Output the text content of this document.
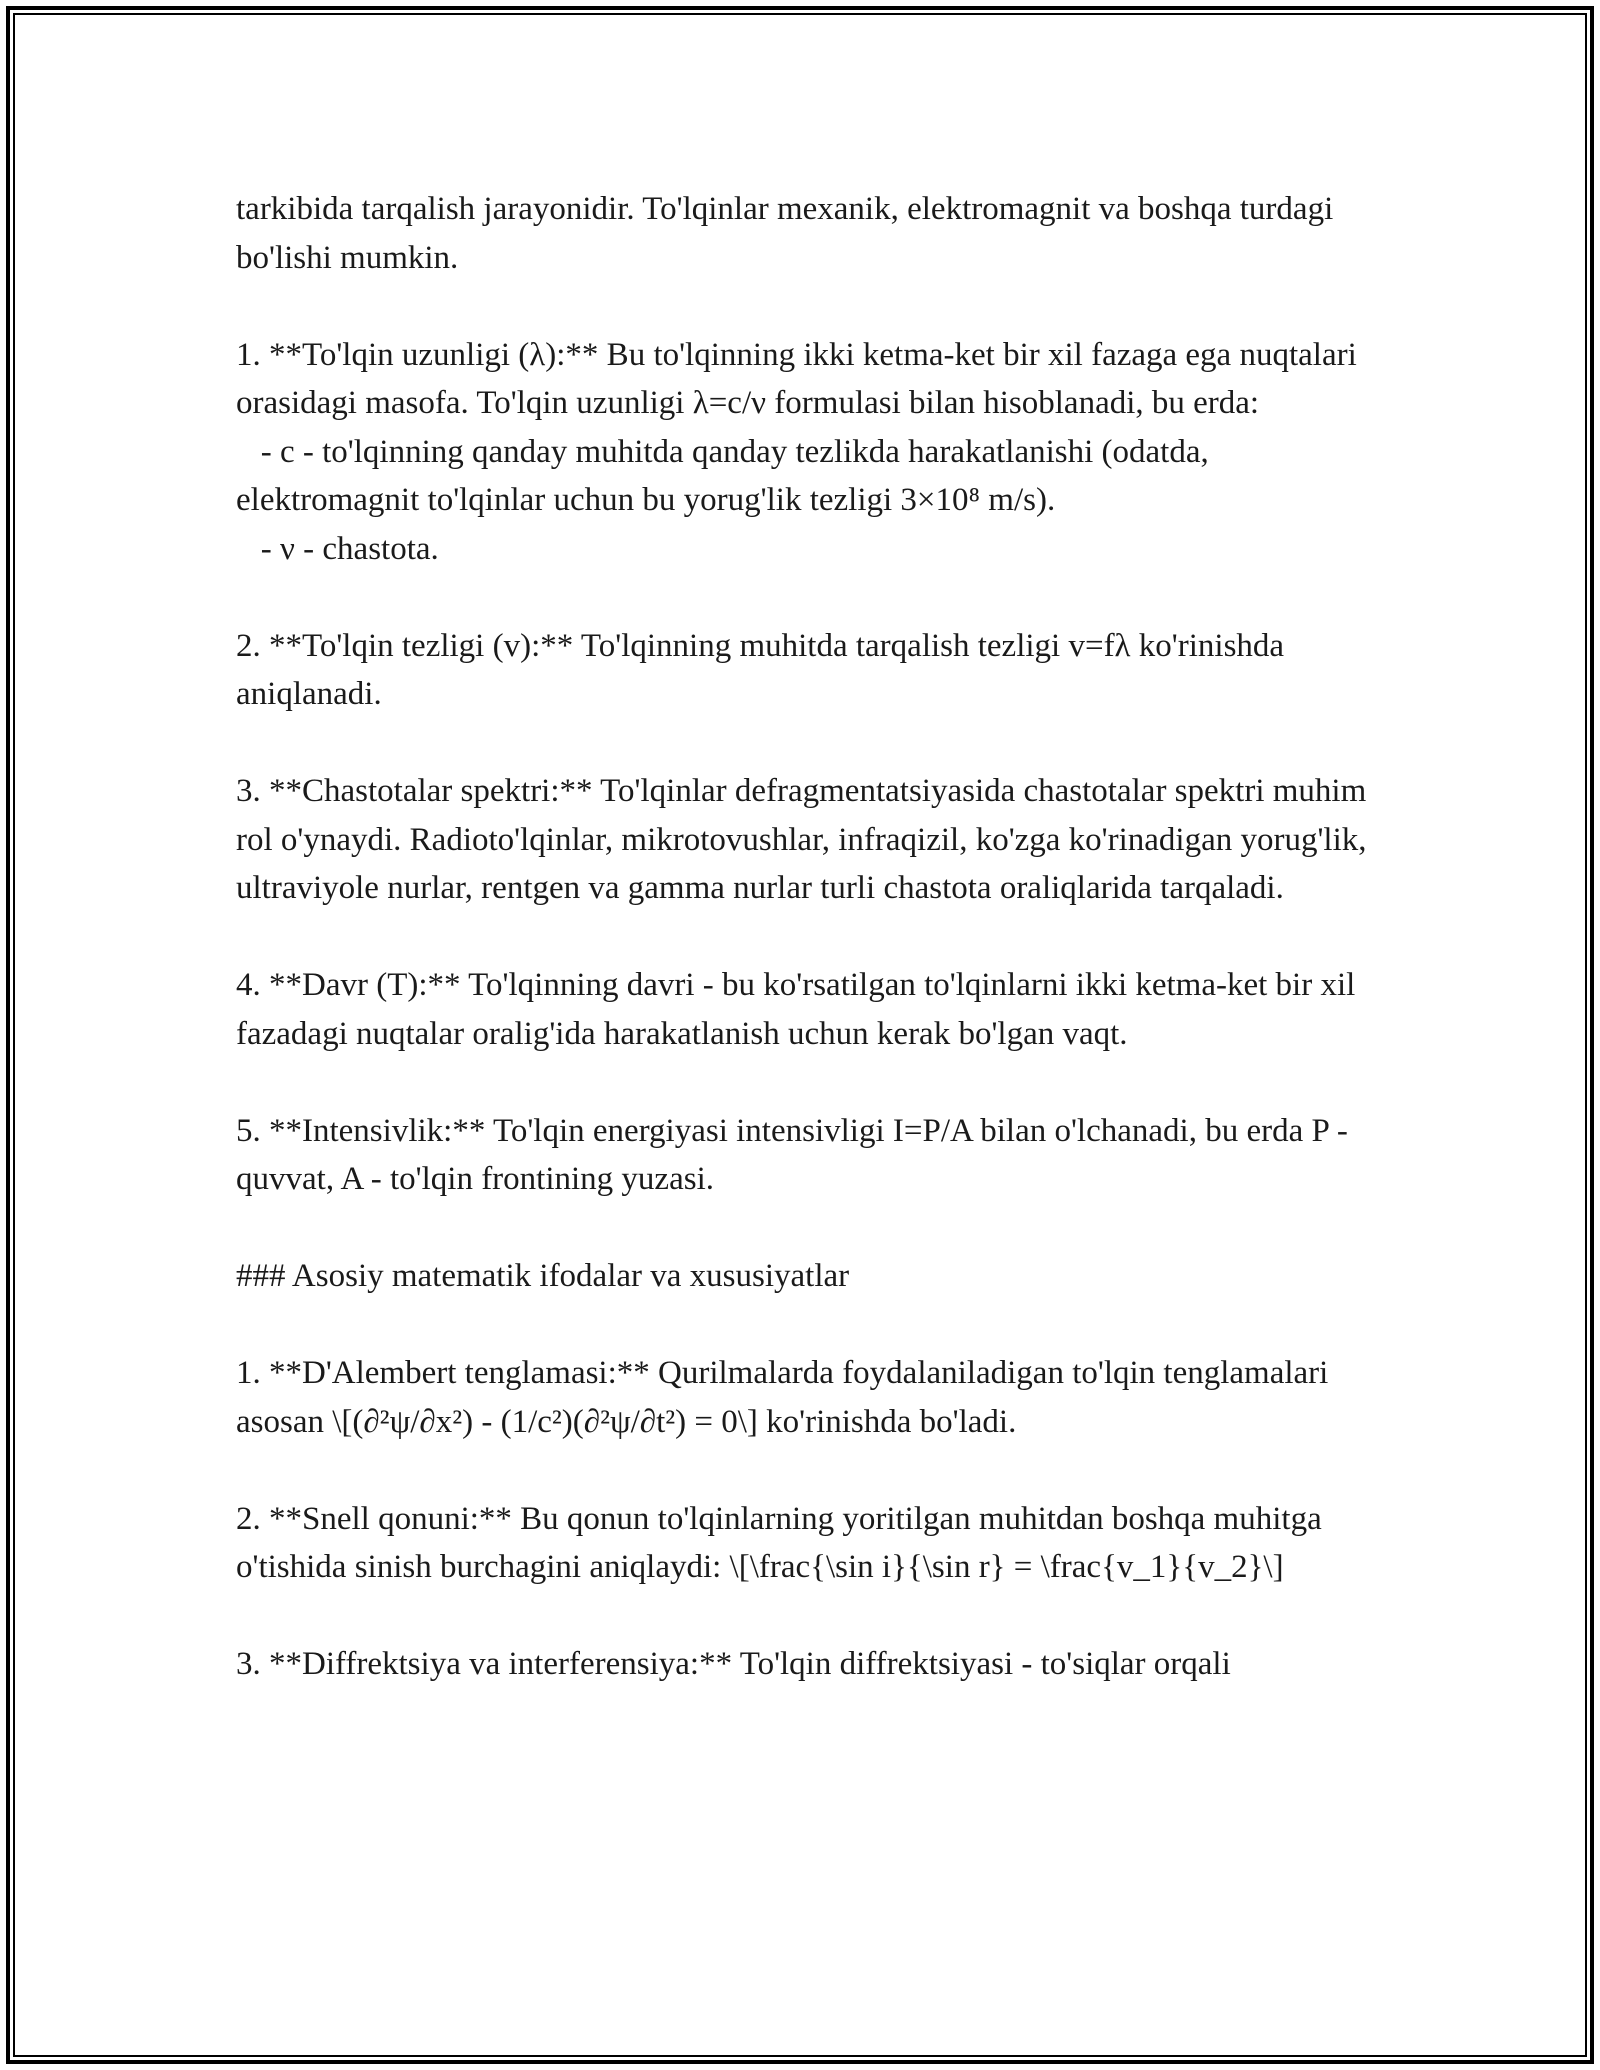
tarkibida tarqalish jarayonidir. To'lqinlar mexanik, elektromagnit va boshqa turdagi bo'lishi mumkin.

1. **To'lqin uzunligi (λ):** Bu to'lqinning ikki ketma-ket bir xil fazaga ega nuqtalari orasidagi masofa. To'lqin uzunligi λ=c/ν formulasi bilan hisoblanadi, bu erda:
- c - to'lqinning qanday muhitda qanday tezlikda harakatlanishi (odatda, elektromagnit to'lqinlar uchun bu yorug'lik tezligi 3×10⁸ m/s).
- ν - chastota.

2. **To'lqin tezligi (v):** To'lqinning muhitda tarqalish tezligi v=fλ ko'rinishda aniqlanadi.

3. **Chastotalar spektri:** To'lqinlar defragmentatsiyasida chastotalar spektri muhim rol o'ynaydi. Radioto'lqinlar, mikrotovushlar, infraqizil, ko'zga ko'rinadigan yorug'lik, ultraviyole nurlar, rentgen va gamma nurlar turli chastota oraliqlarida tarqaladi.

4. **Davr (T):** To'lqinning davri - bu ko'rsatilgan to'lqinlarni ikki ketma-ket bir xil fazadagi nuqtalar oralig'ida harakatlanish uchun kerak bo'lgan vaqt.

5. **Intensivlik:** To'lqin energiyasi intensivligi I=P/A bilan o'lchanadi, bu erda P - quvvat, A - to'lqin frontining yuzasi.

### Asosiy matematik ifodalar va xususiyatlar

1. **D'Alembert tenglamasi:** Qurilmalarda foydalaniladigan to'lqin tenglamalari asosan \[(∂²ψ/∂x²) - (1/c²)(∂²ψ/∂t²) = 0\] ko'rinishda bo'ladi.

2. **Snell qonuni:** Bu qonun to'lqinlarning yoritilgan muhitdan boshqa muhitga o'tishida sinish burchagini aniqlaydi: \[\frac{\sin i}{\sin r} = \frac{v_1}{v_2}\]

3. **Diffrektsiya va interferensiya:** To'lqin diffrektsiyasi - to'siqlar orqali
